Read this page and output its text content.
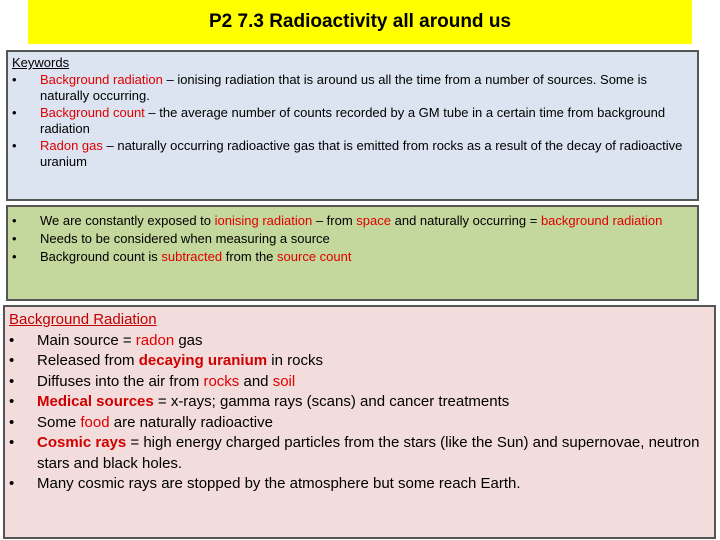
P2 7.3 Radioactivity all around us
Keywords
• Background radiation – ionising radiation that is around us all the time from a number of sources. Some is naturally occurring.
• Background count – the average number of counts recorded by a GM tube in a certain time from background radiation
• Radon gas – naturally occurring radioactive gas that is emitted from rocks as a result of the decay of radioactive uranium
• We are constantly exposed to ionising radiation – from space and naturally occurring = background radiation
• Needs to be considered when measuring a source
• Background count is subtracted from the source count
Background Radiation
• Main source = radon gas
• Released from decaying uranium in rocks
• Diffuses into the air from rocks and soil
• Medical sources = x-rays; gamma rays (scans) and cancer treatments
• Some food are naturally radioactive
• Cosmic rays = high energy charged particles from the stars (like the Sun) and supernovae, neutron stars and black holes.
• Many cosmic rays are stopped by the atmosphere but some reach Earth.
